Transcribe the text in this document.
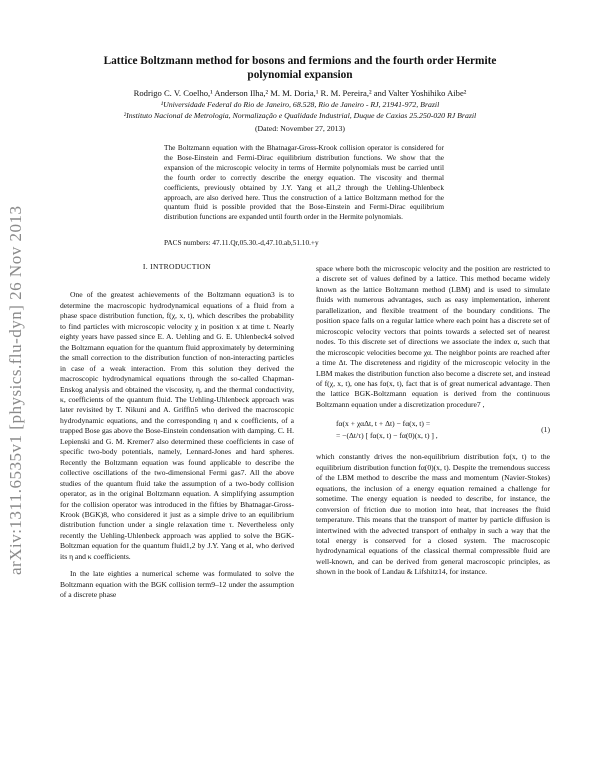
arXiv:1311.6535v1 [physics.flu-dyn] 26 Nov 2013
Lattice Boltzmann method for bosons and fermions and the fourth order Hermite
polynomial expansion
Rodrigo C. V. Coelho,¹ Anderson Ilha,² M. M. Doria,¹ R. M. Pereira,² and Valter Yoshihiko Aibe²
¹Universidade Federal do Rio de Janeiro, 68.528, Rio de Janeiro - RJ, 21941-972, Brazil
²Instituto Nacional de Metrologia, Normalização e Qualidade Industrial, Duque de Caxias 25.250-020 RJ Brazil
(Dated: November 27, 2013)
The Boltzmann equation with the Bhatnagar-Gross-Krook collision operator is considered for the Bose-Einstein and Fermi-Dirac equilibrium distribution functions. We show that the expansion of the microscopic velocity in terms of Hermite polynomials must be carried until the fourth order to correctly describe the energy equation. The viscosity and thermal coefficients, previously obtained by J.Y. Yang et al1,2 through the Uehling-Uhlenbeck approach, are also derived here. Thus the construction of a lattice Boltzmann method for the quantum fluid is possible provided that the Bose-Einstein and Fermi-Dirac equilibrium distribution functions are expanded until fourth order in the Hermite polynomials.
PACS numbers: 47.11.Qr,05.30.-d,47.10.ab,51.10.+y
I. INTRODUCTION

One of the greatest achievements of the Boltzmann equation3 is to determine the macroscopic hydrodynamical equations of a fluid from a phase space distribution function, f(χ, x, t), which describes the probability to find particles with microscopic velocity χ in position x at time t. Nearly eighty years have passed since E. A. Uehling and G. E. Uhlenbeck4 solved the Boltzmann equation for the quantum fluid approximately by determining the small correction to the distribution function of non-interacting particles in case of a weak interaction. From this solution they derived the macroscopic hydrodynamical equations through the so-called Chapman-Enskog analysis and obtained the viscosity, η, and the thermal conductivity, κ, coefficients of the quantum fluid. The Uehling-Uhlenbeck approach was later revisited by T. Nikuni and A. Griffin5 who derived the macroscopic hydrodynamic equations, and the corresponding η and κ coefficients, of a trapped Bose gas above the Bose-Einstein condensation with damping. C. H. Lepienski and G. M. Kremer7 also determined these coefficients in case of specific two-body potentials, namely, Lennard-Jones and hard spheres. Recently the Boltzmann equation was found applicable to describe the collective oscillations of the two-dimensional Fermi gas7. All the above studies of the quantum fluid take the assumption of a two-body collision operator, as in the original Boltzmann equation. A simplifying assumption for the collision operator was introduced in the fifties by Bhatnagar-Gross-Krook (BGK)8, who considered it just as a simple drive to an equilibrium distribution function under a single relaxation time τ. Nevertheless only recently the Uehling-Uhlenbeck approach was applied to solve the BGK-Boltzman equation for the quantum fluid1,2 by J.Y. Yang et al, who derived its η and κ coefficients.

In the late eighties a numerical scheme was formulated to solve the Boltzmann equation with the BGK collision term9–12 under the assumption of a discrete phase

space where both the microscopic velocity and the position are restricted to a discrete set of values defined by a lattice. This method became widely known as the lattice Boltzmann method (LBM) and is used to simulate fluids with numerous advantages, such as easy implementation, inherent parallelization, and flexible treatment of the boundary conditions. The position space falls on a regular lattice where each point has a discrete set of microscopic velocity vectors that points towards a selected set of nearest nodes. To this discrete set of directions we associate the index α, such that the microscopic velocities become χα. The neighbor points are reached after a time Δt. The discreteness and rigidity of the microscopic velocity in the LBM makes the distribution function also become a discrete set, and instead of f(χ, x, t), one has fα(x, t), fact that is of great numerical advantage. Then the lattice BGK-Boltzmann equation is derived from the continuous Boltzmann equation under a discretization procedure7 ,

fα(x + χαΔt, t + Δt) − fα(x, t) =
= −(Δt/τ) [ fα(x, t) − fα(0)(x, t) ] ,
(1)

which constantly drives the non-equilibrium distribution fα(x, t) to the equilibrium distribution function fα(0)(x, t). Despite the tremendous success of the LBM method to describe the mass and momentum (Navier-Stokes) equations, the inclusion of a energy equation remained a challenge for sometime. The energy equation is needed to describe, for instance, the conversion of friction due to motion into heat, that increases the fluid temperature. This means that the transport of matter by particle diffusion is intertwined with the advected transport of enthalpy in such a way that the total energy is conserved for a closed system. The macroscopic hydrodynamical equations of the classical thermal compressible fluid are well-known, and can be derived from general macroscopic principles, as shown in the book of Landau & Lifshitz14, for instance.
